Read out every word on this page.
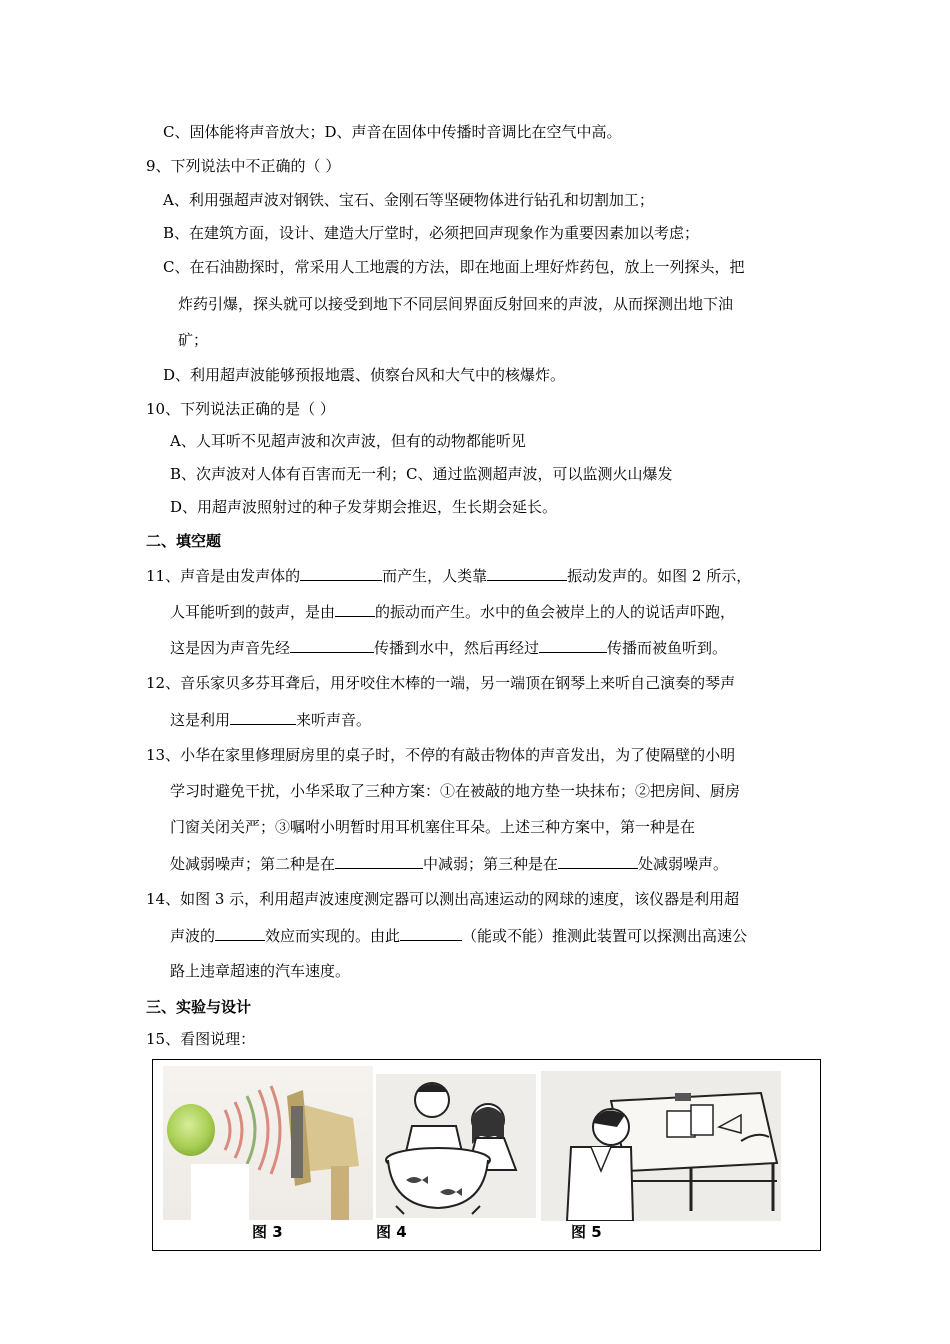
C、固体能将声音放大；D、声音在固体中传播时音调比在空气中高。
9、下列说法中不正确的（ ）
A、利用强超声波对钢铁、宝石、金刚石等坚硬物体进行钻孔和切割加工；
B、在建筑方面，设计、建造大厅堂时，必须把回声现象作为重要因素加以考虑；
C、在石油勘探时，常采用人工地震的方法，即在地面上埋好炸药包，放上一列探头，把
炸药引爆，探头就可以接受到地下不同层间界面反射回来的声波，从而探测出地下油
矿；
D、利用超声波能够预报地震、侦察台风和大气中的核爆炸。
10、下列说法正确的是（ ）
A、人耳听不见超声波和次声波，但有的动物都能听见
B、次声波对人体有百害而无一利；C、通过监测超声波，可以监测火山爆发
D、用超声波照射过的种子发芽期会推迟，生长期会延长。
二、填空题
11、声音是由发声体的	而产生，人类靠	振动发声的。如图 2 所示，
人耳能听到的鼓声，是由	的振动而产生。水中的鱼会被岸上的人的说话声吓跑，
这是因为声音先经	传播到水中，然后再经过	传播而被鱼听到。
12、音乐家贝多芬耳聋后，用牙咬住木棒的一端，另一端顶在钢琴上来听自己演奏的琴声
这是利用	来听声音。
13、小华在家里修理厨房里的桌子时，不停的有敲击物体的声音发出，为了使隔壁的小明
学习时避免干扰，小华采取了三种方案：①在被敲的地方垫一块抹布；②把房间、厨房
门窗关闭关严；③嘱咐小明暂时用耳机塞住耳朵。上述三种方案中，第一种是在
处减弱噪声；第二种是在	中减弱；第三种是在	处减弱噪声。
14、如图 3 示，利用超声波速度测定器可以测出高速运动的网球的速度，该仪器是利用超
声波的	效应而实现的。由此	（能或不能）推测此装置可以探测出高速公
路上违章超速的汽车速度。
三、实验与设计
15、看图说理：
图 3	图 4	图 5
